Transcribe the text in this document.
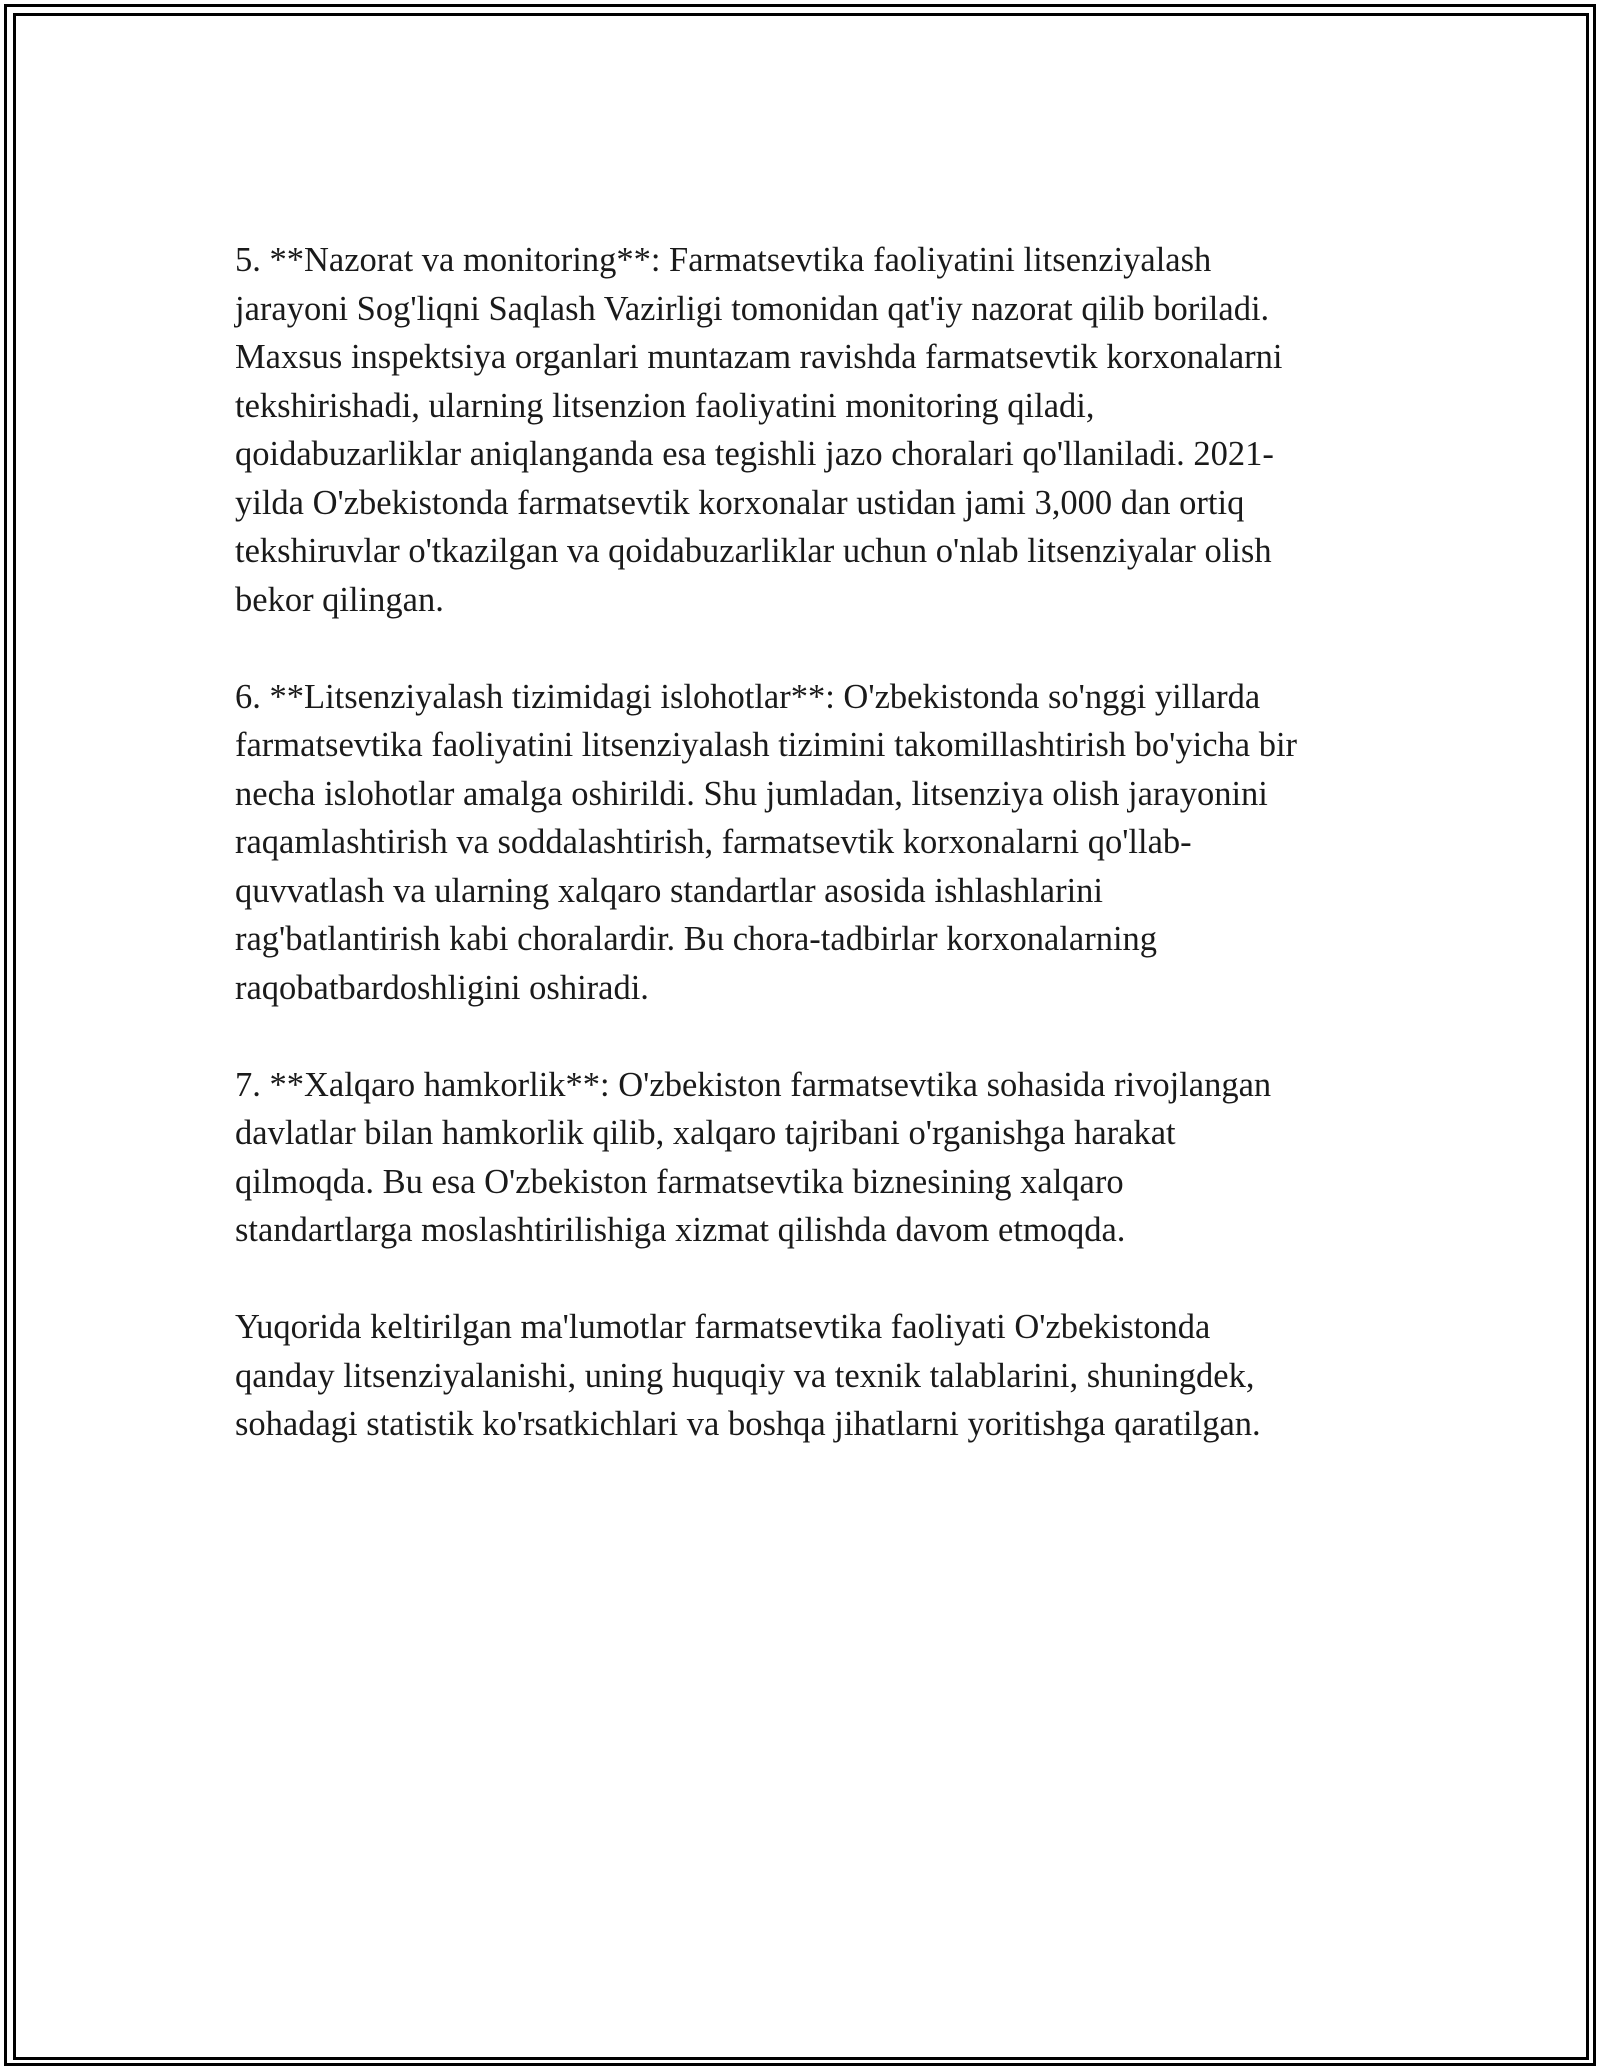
5. **Nazorat va monitoring**: Farmatsevtika faoliyatini litsenziyalash
jarayoni Sog'liqni Saqlash Vazirligi tomonidan qat'iy nazorat qilib boriladi.
Maxsus inspektsiya organlari muntazam ravishda farmatsevtik korxonalarni
tekshirishadi, ularning litsenzion faoliyatini monitoring qiladi,
qoidabuzarliklar aniqlanganda esa tegishli jazo choralari qo'llaniladi. 2021-
yilda O'zbekistonda farmatsevtik korxonalar ustidan jami 3,000 dan ortiq
tekshiruvlar o'tkazilgan va qoidabuzarliklar uchun o'nlab litsenziyalar olish
bekor qilingan.

6. **Litsenziyalash tizimidagi islohotlar**: O'zbekistonda so'nggi yillarda
farmatsevtika faoliyatini litsenziyalash tizimini takomillashtirish bo'yicha bir
necha islohotlar amalga oshirildi. Shu jumladan, litsenziya olish jarayonini
raqamlashtirish va soddalashtirish, farmatsevtik korxonalarni qo'llab-
quvvatlash va ularning xalqaro standartlar asosida ishlashlarini
rag'batlantirish kabi choralardir. Bu chora-tadbirlar korxonalarning
raqobatbardoshligini oshiradi.

7. **Xalqaro hamkorlik**: O'zbekiston farmatsevtika sohasida rivojlangan
davlatlar bilan hamkorlik qilib, xalqaro tajribani o'rganishga harakat
qilmoqda. Bu esa O'zbekiston farmatsevtika biznesining xalqaro
standartlarga moslashtirilishiga xizmat qilishda davom etmoqda.

Yuqorida keltirilgan ma'lumotlar farmatsevtika faoliyati O'zbekistonda
qanday litsenziyalanishi, uning huquqiy va texnik talablarini, shuningdek,
sohadagi statistik ko'rsatkichlari va boshqa jihatlarni yoritishga qaratilgan.
